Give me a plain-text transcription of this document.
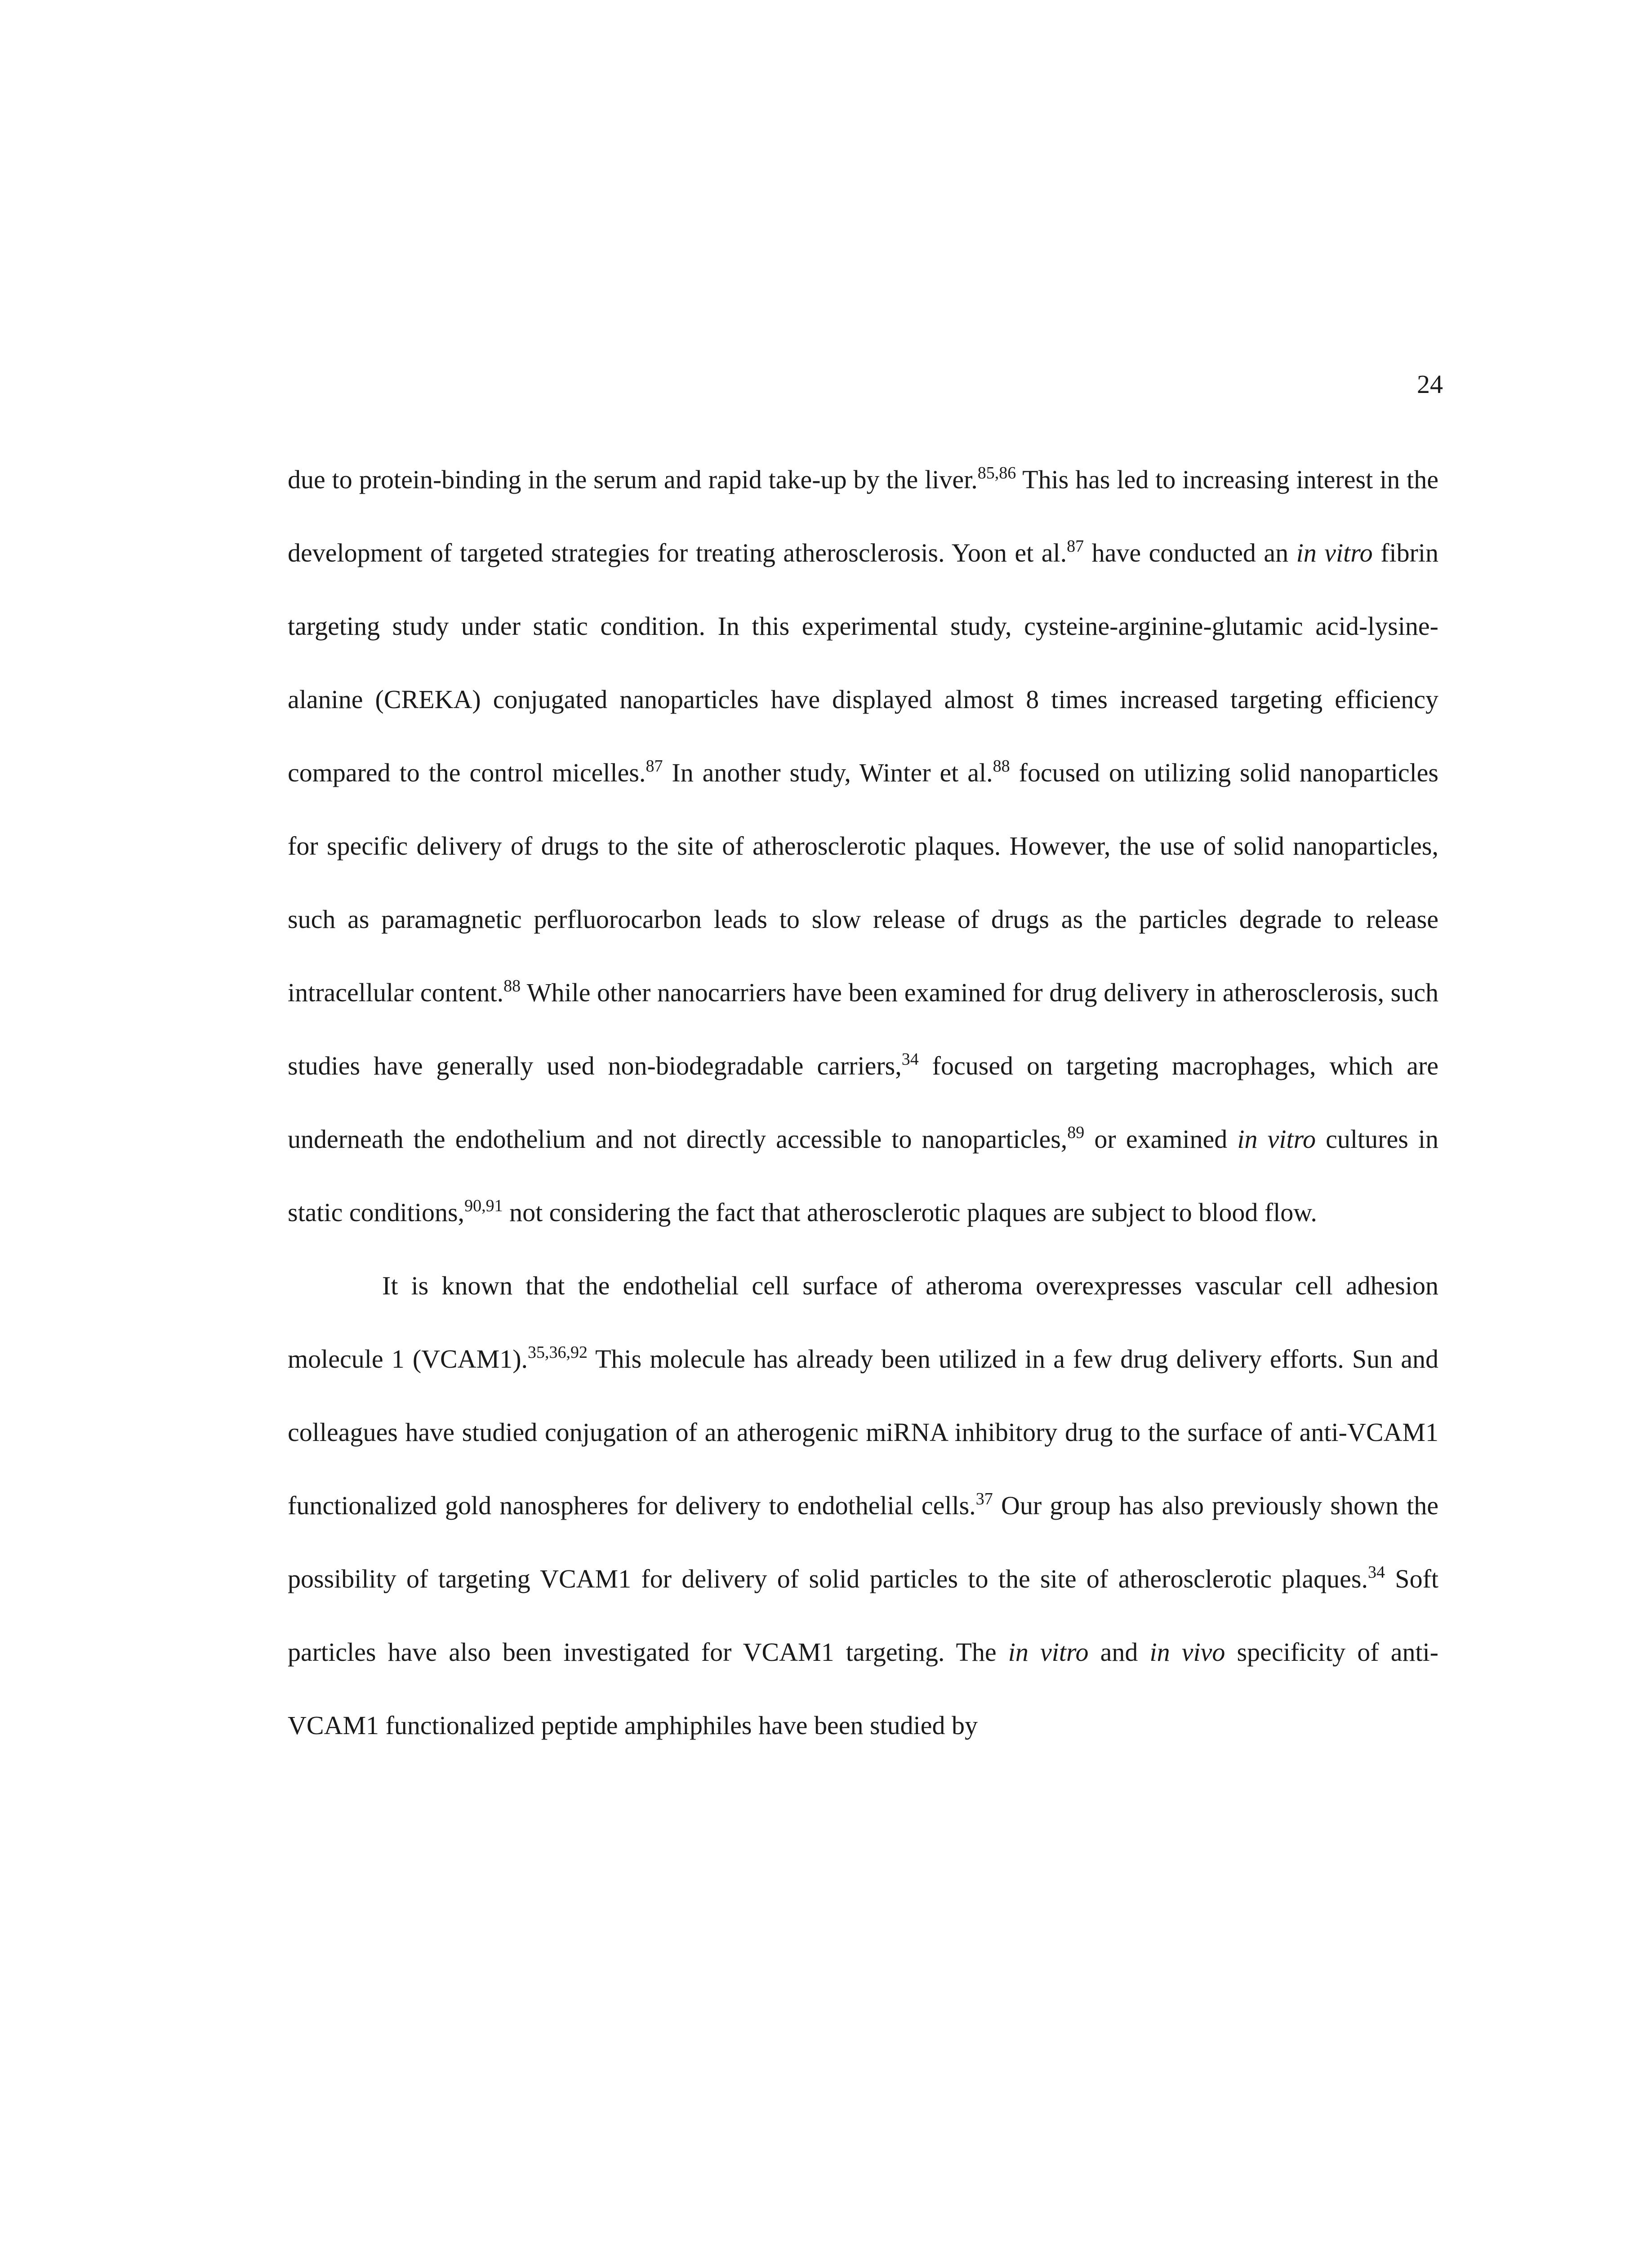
24

due to protein-binding in the serum and rapid take-up by the liver.$^{85,86}$ This has led to increasing interest in the development of targeted strategies for treating atherosclerosis. Yoon et al.$^{87}$ have conducted an in vitro fibrin targeting study under static condition. In this experimental study, cysteine-arginine-glutamic acid-lysine-alanine (CREKA) conjugated nanoparticles have displayed almost 8 times increased targeting efficiency compared to the control micelles.$^{87}$ In another study, Winter et al.$^{88}$ focused on utilizing solid nanoparticles for specific delivery of drugs to the site of atherosclerotic plaques. However, the use of solid nanoparticles, such as paramagnetic perfluorocarbon leads to slow release of drugs as the particles degrade to release intracellular content.$^{88}$ While other nanocarriers have been examined for drug delivery in atherosclerosis, such studies have generally used non-biodegradable carriers,$^{34}$ focused on targeting macrophages, which are underneath the endothelium and not directly accessible to nanoparticles,$^{89}$ or examined in vitro cultures in static conditions,$^{90,91}$ not considering the fact that atherosclerotic plaques are subject to blood flow.

It is known that the endothelial cell surface of atheroma overexpresses vascular cell adhesion molecule 1 (VCAM1).$^{35,36,92}$ This molecule has already been utilized in a few drug delivery efforts. Sun and colleagues have studied conjugation of an atherogenic miRNA inhibitory drug to the surface of anti-VCAM1 functionalized gold nanospheres for delivery to endothelial cells.$^{37}$ Our group has also previously shown the possibility of targeting VCAM1 for delivery of solid particles to the site of atherosclerotic plaques.$^{34}$ Soft particles have also been investigated for VCAM1 targeting. The in vitro and in vivo specificity of anti-VCAM1 functionalized peptide amphiphiles have been studied by
